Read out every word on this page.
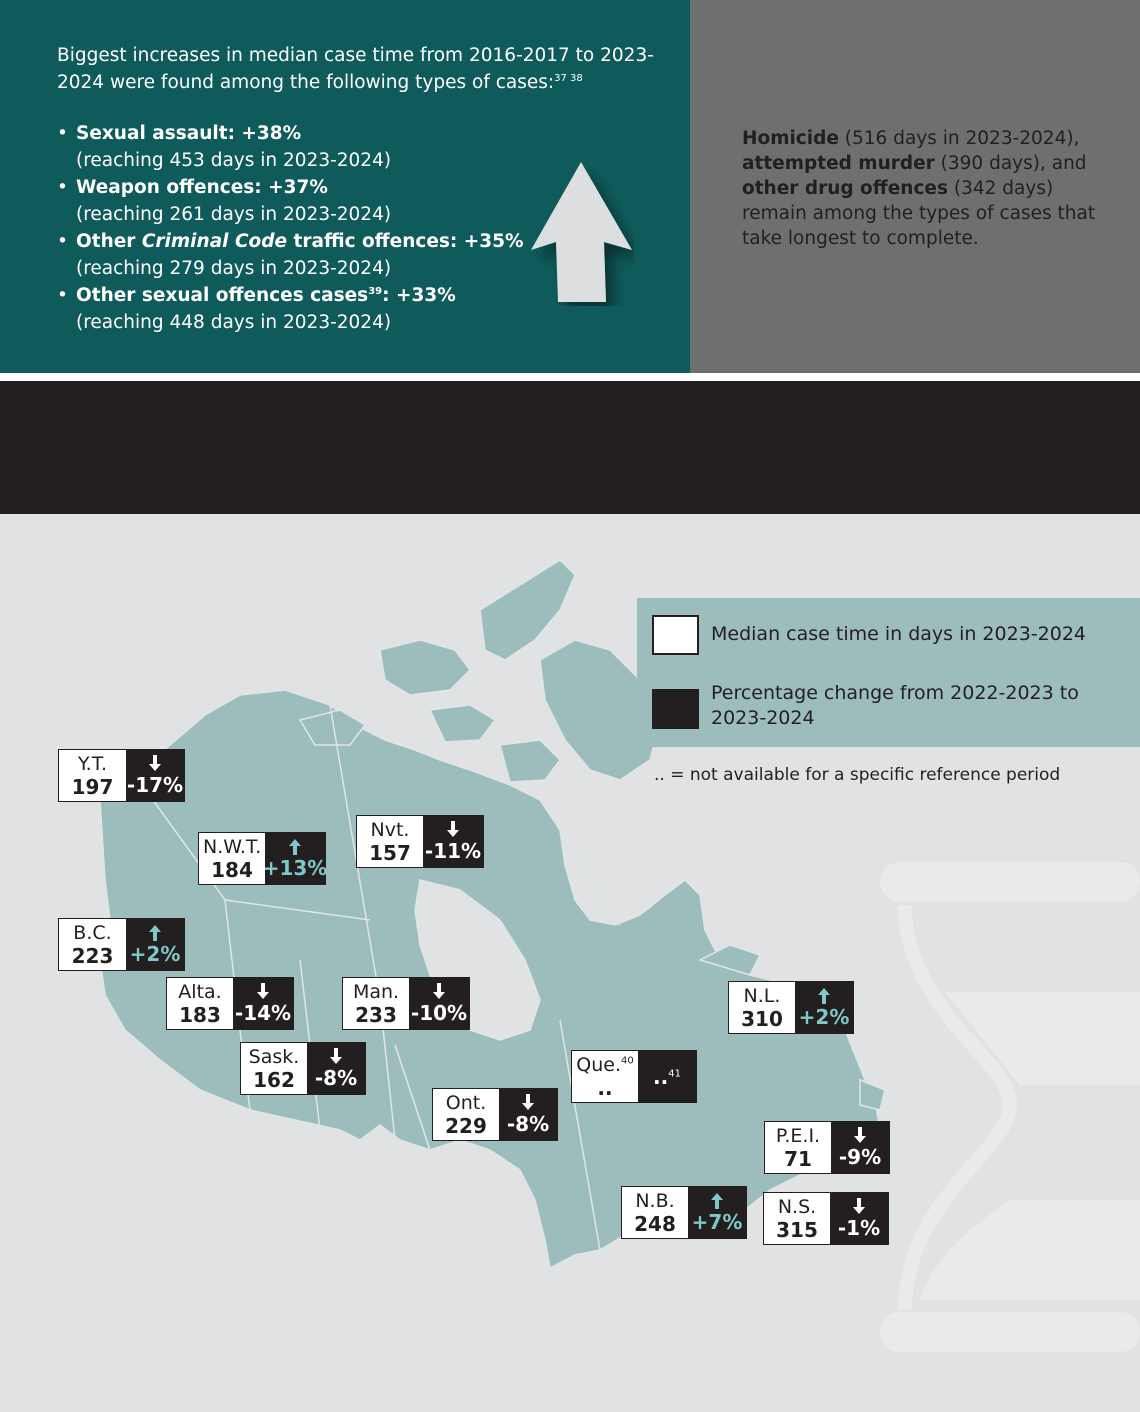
Biggest increases in median case time from 2016-2017 to 2023-2024 were found among the following types of cases:$^{37 38}$

• Sexual assault: +38%
(reaching 453 days in 2023-2024)
• Weapon offences: +37%
(reaching 261 days in 2023-2024)
• Other Criminal Code traffic offences: +35%
(reaching 279 days in 2023-2024)
• Other sexual offences cases$^{39}$: +33%
(reaching 448 days in 2023-2024)

Homicide (516 days in 2023-2024), attempted murder (390 days), and other drug offences (342 days) remain among the types of cases that take longest to complete.

New Brunswick (+61%), British Columbia (+59%) and the Northwest Territories (+59%) have experienced larger increases since the Jordan timelines came into effect and continue to trend upward despite most jurisdictions showing a decrease in the most recent year of available data.

Median case time in days in 2023-2024
Percentage change from 2022-2023 to 2023-2024
.. = not available for a specific reference period
Y.T.
197 -17%
N.W.T.
184 +13%
Nvt.
157 -11%
B.C.
223 +2%
Alta.
183 -14%
Man.
233 -10%
Sask.
162 -8%
Ont.
229 -8%
Que.$^{40}$
..	..$^{41}$
N.L.
310 +2%
P.E.I.
71	-9%
N.B.
248 +7%
N.S.
315 -1%
